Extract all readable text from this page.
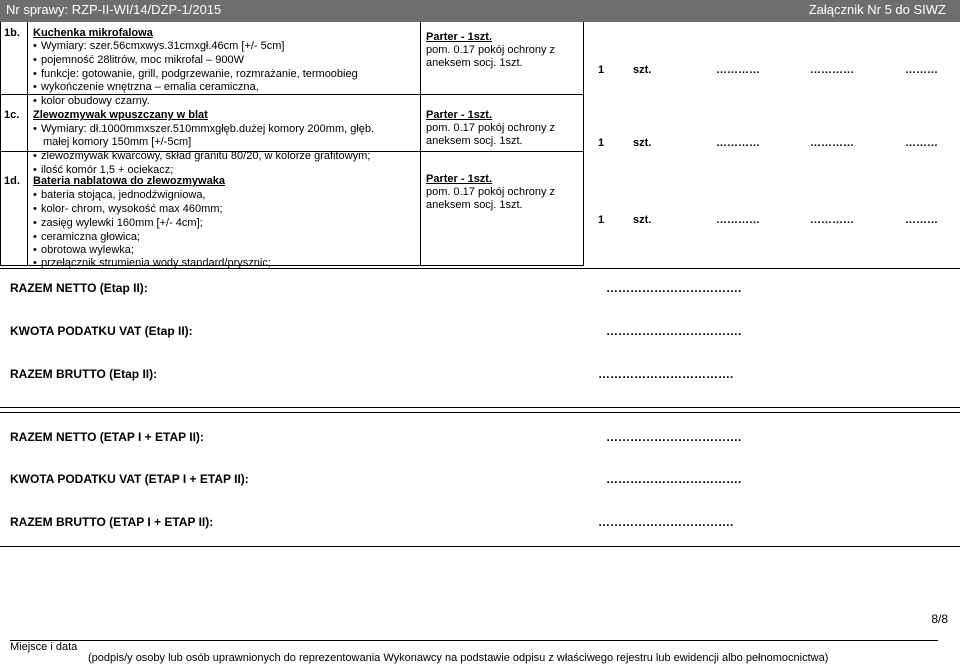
Nr sprawy: RZP-II-WI/14/DZP-1/2015	Załącznik Nr 5 do SIWZ
1b. Kuchenka mikrofalowa
• Wymiary: szer.56cmxwys.31cmxgł.46cm [+/- 5cm]
• pojemność 28litrów, moc mikrofal – 900W
• funkcje: gotowanie, grill, podgrzewanie, rozmrażanie, termoobieg
• wykończenie wnętrzna – emalia ceramiczna,
• kolor obudowy czarny.
Parter - 1szt.
pom. 0.17 pokój ochrony z
aneksem socj. 1szt.
1	szt.	…………	…………	………
1c. Zlewozmywak wpuszczany w blat
• Wymiary: dł.1000mmxszer.510mmxgłęb.dużej komory 200mm, głęb.
małej komory 150mm [+/-5cm]
• zlewozmywak kwarcowy, skład granitu 80/20, w kolorze grafitowym;
• ilość komór 1,5 + ociekacz;
Parter - 1szt.
pom. 0.17 pokój ochrony z
aneksem socj. 1szt.	1	szt.	…………	…………	………
1d. Bateria nablatowa do zlewozmywaka
• bateria stojąca, jednodźwigniowa,
• kolor- chrom, wysokość max 460mm;
• zasięg wylewki 160mm [+/- 4cm];
• ceramiczna głowica;
• obrotowa wylewka;
• przełącznik strumienia wody standard/prysznic;
Parter - 1szt.
pom. 0.17 pokój ochrony z
aneksem socj. 1szt.
1	szt.	…………	…………	………
RAZEM NETTO (Etap II):	…………………………….
KWOTA PODATKU VAT (Etap II):	…………………………….
RAZEM BRUTTO (Etap II):	…………………………….
RAZEM NETTO (ETAP I + ETAP II):	…………………………….
KWOTA PODATKU VAT (ETAP I + ETAP II):	…………………………….
RAZEM BRUTTO (ETAP I + ETAP II):	…………………………….
8/8
Miejsce i data
(podpis/y osoby lub osób uprawnionych do reprezentowania Wykonawcy na podstawie odpisu z właściwego rejestru lub ewidencji albo pełnomocnictwa)
